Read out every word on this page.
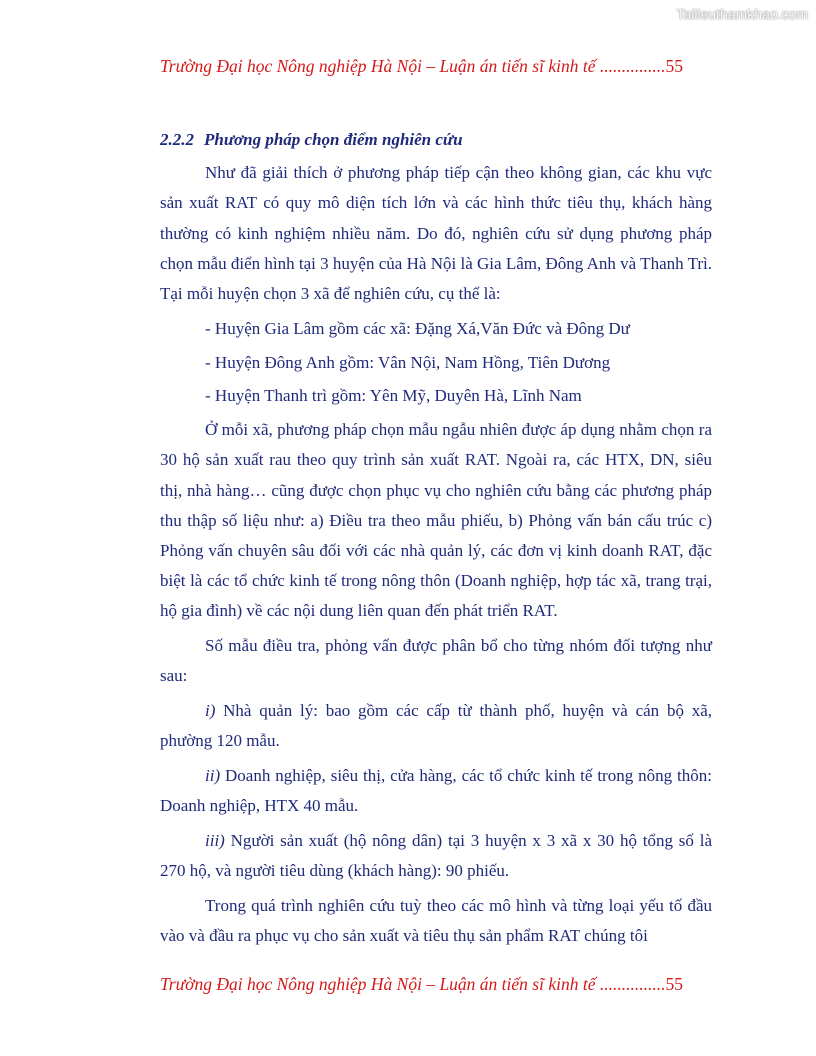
Tailieuthamkhao.com
Trường Đại học Nông nghiệp Hà Nội – Luận án tiến sĩ kinh tế ...............55
2.2.2 Phương pháp chọn điểm nghiên cứu

Như đã giải thích ở phương pháp tiếp cận theo không gian, các khu vực sản xuất RAT có quy mô diện tích lớn và các hình thức tiêu thụ, khách hàng thường có kinh nghiệm nhiều năm. Do đó, nghiên cứu sử dụng phương pháp chọn mẫu điển hình tại 3 huyện của Hà Nội là Gia Lâm, Đông Anh và Thanh Trì. Tại mỗi huyện chọn 3 xã để nghiên cứu, cụ thể là:

- Huyện Gia Lâm gồm các xã: Đặng Xá,Văn Đức và Đông Dư

- Huyện Đông Anh gồm: Vân Nội, Nam Hồng, Tiên Dương

- Huyện Thanh trì gồm: Yên Mỹ, Duyên Hà, Lĩnh Nam

Ở mỗi xã, phương pháp chọn mẫu ngẫu nhiên được áp dụng nhằm chọn ra 30 hộ sản xuất rau theo quy trình sản xuất RAT. Ngoài ra, các HTX, DN, siêu thị, nhà hàng… cũng được chọn phục vụ cho nghiên cứu bằng các phương pháp thu thập số liệu như: a) Điều tra theo mẫu phiếu, b) Phỏng vấn bán cấu trúc c) Phỏng vấn chuyên sâu đối với các nhà quản lý, các đơn vị kinh doanh RAT, đặc biệt là các tổ chức kinh tế trong nông thôn (Doanh nghiệp, hợp tác xã, trang trại, hộ gia đình) về các nội dung liên quan đến phát triển RAT.

Số mẫu điều tra, phỏng vấn được phân bổ cho từng nhóm đối tượng như sau:

i) Nhà quản lý: bao gồm các cấp từ thành phố, huyện và cán bộ xã, phường 120 mẫu.

ii) Doanh nghiệp, siêu thị, cửa hàng, các tổ chức kinh tế trong nông thôn: Doanh nghiệp, HTX 40 mẫu.

iii) Người sản xuất (hộ nông dân) tại 3 huyện x 3 xã x 30 hộ tổng số là 270 hộ, và người tiêu dùng (khách hàng): 90 phiếu.

Trong quá trình nghiên cứu tuỳ theo các mô hình và từng loại yếu tố đầu vào và đầu ra phục vụ cho sản xuất và tiêu thụ sản phẩm RAT chúng tôi

Trường Đại học Nông nghiệp Hà Nội – Luận án tiến sĩ kinh tế ...............55
